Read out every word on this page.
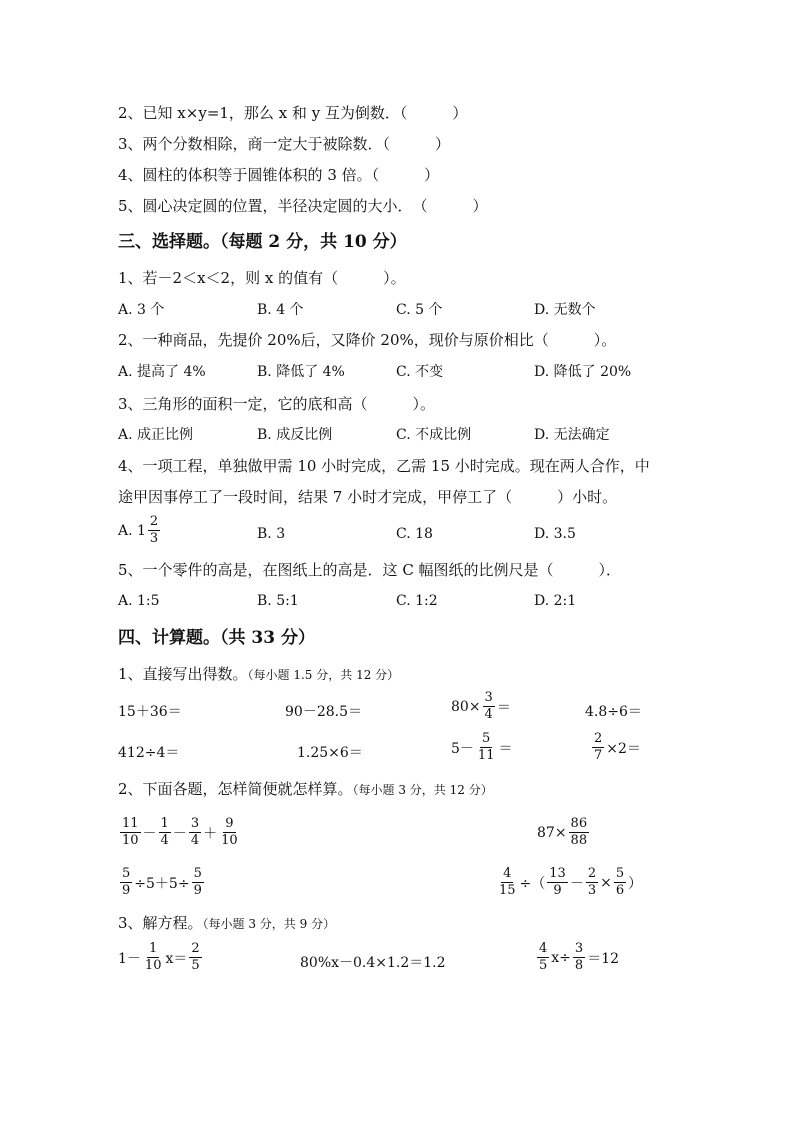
2、已知 x×y=1，那么 x 和 y 互为倒数．（　　　）
3、两个分数相除，商一定大于被除数．（　　　）
4、圆柱的体积等于圆锥体积的 3 倍。（　　　）
5、圆心决定圆的位置，半径决定圆的大小．　（　　　）
三、选择题。（每题 2 分，共 10 分）
1、若－2＜x＜2，则 x 的值有（　　　）。
A. 3 个	B. 4 个	C. 5 个	D. 无数个
2、一种商品，先提价 20%后，又降价 20%，现价与原价相比（　　　）。
A. 提高了 4%	B. 降低了 4%	C. 不变	D. 降低了 20%
3、三角形的面积一定，它的底和高（　　　）。
A. 成正比例	B. 成反比例	C. 不成比例	D. 无法确定
4、一项工程，单独做甲需 10 小时完成，乙需 15 小时完成。现在两人合作，中
途甲因事停工了一段时间，结果 7 小时才完成，甲停工了（　　　）小时。
A. $1 \frac{2}{3}$	B. 3	C. 18	D. 3.5
5、一个零件的高是，在图纸上的高是．这 C 幅图纸的比例尺是（　　　）．
A. 1:5	B. 5:1	C. 1:2	D. 2:1
四、计算题。（共 33 分）
1、直接写出得数。（每小题 1.5 分，共 12 分）
15＋36＝	90－28.5＝	$80\times \frac{3}{4}$ ＝	4.8÷6＝
412÷4＝	1.25×6＝	$5- \frac{5}{11}$ ＝	$\frac{2}{7} \times 2=$
2、下面各题，怎样简便就怎样算。（每小题 3 分，共 12 分）
$\frac{11}{10} - \frac{1}{4} - \frac{3}{4} + \frac{9}{10}$	$87\times \frac{86}{88}$
$\frac{5}{9} \div 5+5\div \frac{5}{9}$	$\frac{4}{15}$ ÷（ $\frac{13}{9} - \frac{2}{3} \times \frac{5}{6}$ ）
3、解方程。（每小题 3 分，共 9 分）
$1- \frac{1}{10} x= \frac{2}{5}$	80%x－0.4×1.2＝1.2	$\frac{4}{5} x\div \frac{3}{8} =12$
